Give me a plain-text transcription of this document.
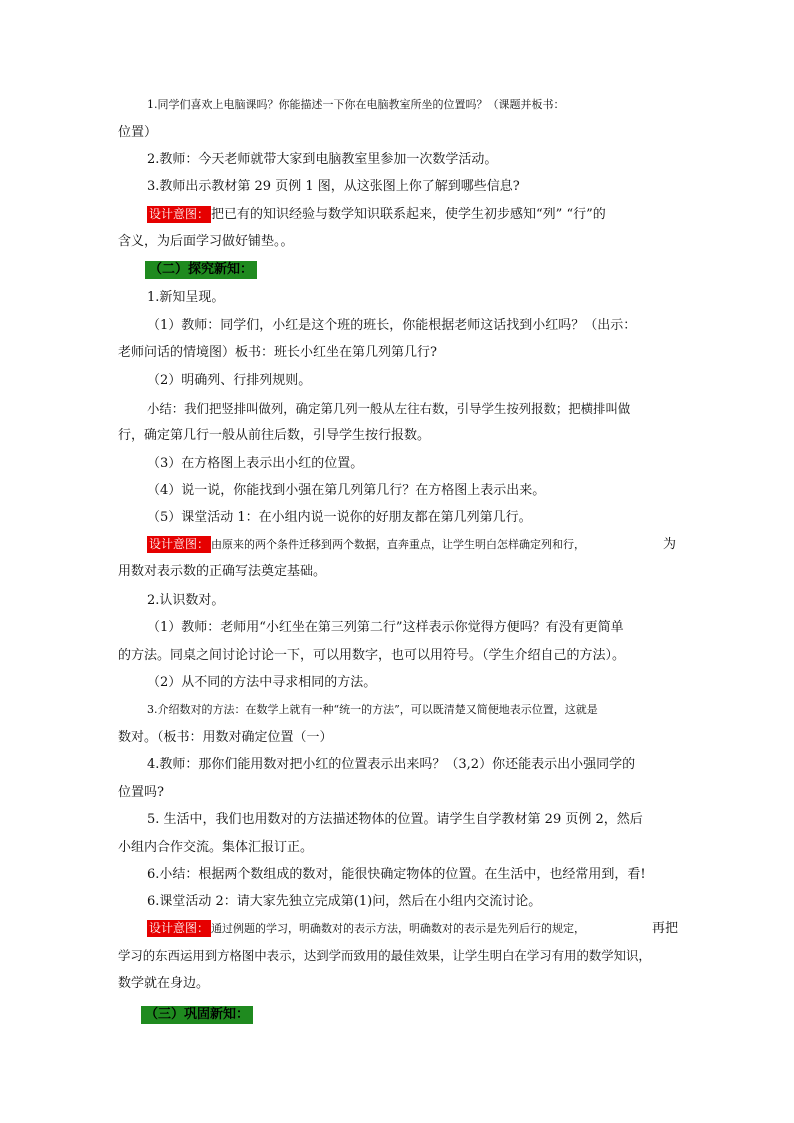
1.同学们喜欢上电脑课吗？你能描述一下你在电脑教室所坐的位置吗？（课题并板书：
位置）
2.教师：今天老师就带大家到电脑教室里参加一次数学活动。
3.教师出示教材第 29 页例 1 图，从这张图上你了解到哪些信息?
设计意图： 把已有的知识经验与数学知识联系起来，使学生初步感知“列” “行”的
含义，为后面学习做好铺垫。。
（二）探究新知：
1.新知呈现。
（1）教师：同学们，小红是这个班的班长，你能根据老师这话找到小红吗？（出示：
老师问话的情境图）板书：班长小红坐在第几列第几行?
（2）明确列、行排列规则。
小结：我们把竖排叫做列，确定第几列一般从左往右数，引导学生按列报数；把横排叫做
行，确定第几行一般从前往后数，引导学生按行报数。
（3）在方格图上表示出小红的位置。
（4）说一说，你能找到小强在第几列第几行？在方格图上表示出来。
（5）课堂活动 1：在小组内说一说你的好朋友都在第几列第几行。
设计意图： 由原来的两个条件迁移到两个数据，直奔重点，让学生明白怎样确定列和行，	为
用数对表示数的正确写法奠定基础。
2.认识数对。
（1）教师：老师用“小红坐在第三列第二行”这样表示你觉得方便吗？有没有更简单
的方法。同桌之间讨论讨论一下，可以用数字，也可以用符号。（学生介绍自己的方法）。
（2）从不同的方法中寻求相同的方法。
3.介绍数对的方法：在数学上就有一种“统一的方法”，可以既清楚又简便地表示位置，这就是
数对。（板书：用数对确定位置（一）
4.教师：那你们能用数对把小红的位置表示出来吗？（3,2）你还能表示出小强同学的
位置吗?
5. 生活中，我们也用数对的方法描述物体的位置。请学生自学教材第 29 页例 2，然后
小组内合作交流。集体汇报订正。
6.小结：根据两个数组成的数对，能很快确定物体的位置。在生活中，也经常用到，看!
6.课堂活动 2：请大家先独立完成第(1)问，然后在小组内交流讨论。
设计意图： 通过例题的学习，明确数对的表示方法，明确数对的表示是先列后行的规定，	再把
学习的东西运用到方格图中表示，达到学而致用的最佳效果，让学生明白在学习有用的数学知识，
数学就在身边。
（三）巩固新知：
